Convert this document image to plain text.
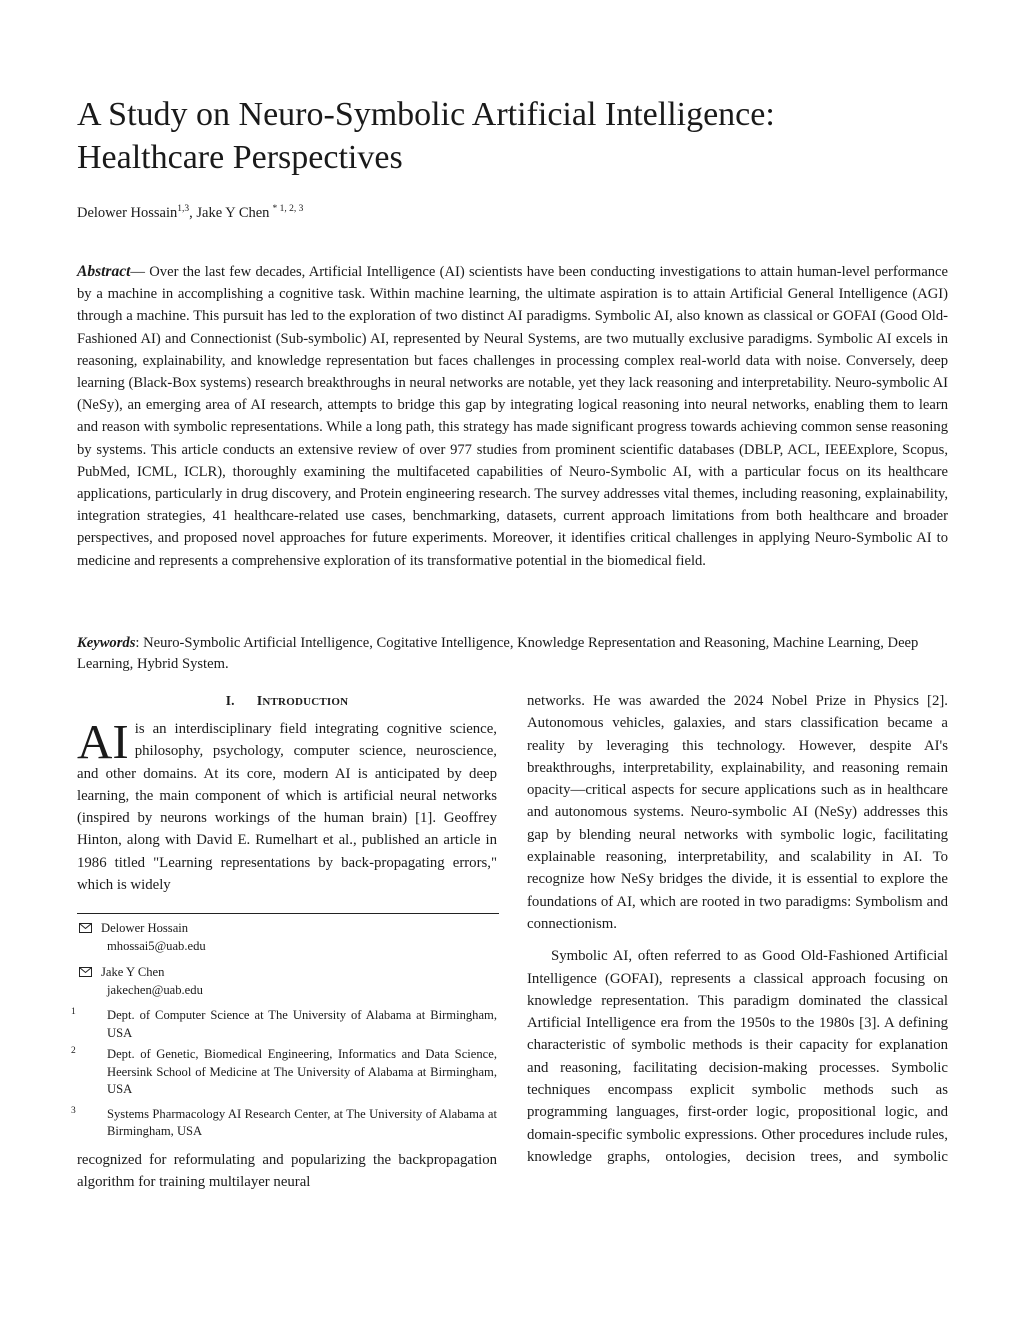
A Study on Neuro-Symbolic Artificial Intelligence:
Healthcare Perspectives
Delower Hossain$^{1,3}$, Jake Y Chen $^{* 1, 2, 3}$

Abstract— Over the last few decades, Artificial Intelligence (AI) scientists have been conducting investigations to attain human-level performance by a machine in accomplishing a cognitive task. Within machine learning, the ultimate aspiration is to attain Artificial General Intelligence (AGI) through a machine. This pursuit has led to the exploration of two distinct AI paradigms. Symbolic AI, also known as classical or GOFAI (Good Old-Fashioned AI) and Connectionist (Sub-symbolic) AI, represented by Neural Systems, are two mutually exclusive paradigms. Symbolic AI excels in reasoning, explainability, and knowledge representation but faces challenges in processing complex real-world data with noise. Conversely, deep learning (Black-Box systems) research breakthroughs in neural networks are notable, yet they lack reasoning and interpretability. Neuro-symbolic AI (NeSy), an emerging area of AI research, attempts to bridge this gap by integrating logical reasoning into neural networks, enabling them to learn and reason with symbolic representations. While a long path, this strategy has made significant progress towards achieving common sense reasoning by systems. This article conducts an extensive review of over 977 studies from prominent scientific databases (DBLP, ACL, IEEExplore, Scopus, PubMed, ICML, ICLR), thoroughly examining the multifaceted capabilities of Neuro-Symbolic AI, with a particular focus on its healthcare applications, particularly in drug discovery, and Protein engineering research. The survey addresses vital themes, including reasoning, explainability, integration strategies, 41 healthcare-related use cases, benchmarking, datasets, current approach limitations from both healthcare and broader perspectives, and proposed novel approaches for future experiments. Moreover, it identifies critical challenges in applying Neuro-Symbolic AI to medicine and represents a comprehensive exploration of its transformative potential in the biomedical field.

Keywords: Neuro-Symbolic Artificial Intelligence, Cogitative Intelligence, Knowledge Representation and Reasoning, Machine Learning, Deep Learning, Hybrid System.

I. INTRODUCTION

AI is an interdisciplinary field integrating cognitive science, philosophy, psychology, computer science, neuroscience, and other domains. At its core, modern AI is anticipated by deep learning, the main component of which is artificial neural networks (inspired by neurons workings of the human brain) [1]. Geoffrey Hinton, along with David E. Rumelhart et al., published an article in 1986 titled "Learning representations by back-propagating errors," which is widely

Delower Hossain
mhossai5@uab.edu
Jake Y Chen
jakechen@uab.edu
1 Dept. of Computer Science at The University of Alabama at Birmingham, USA
2 Dept. of Genetic, Biomedical Engineering, Informatics and Data Science, Heersink School of Medicine at The University of Alabama at Birmingham, USA
3 Systems Pharmacology AI Research Center, at The University of Alabama at Birmingham, USA

recognized for reformulating and popularizing the backpropagation algorithm for training multilayer neural

networks. He was awarded the 2024 Nobel Prize in Physics [2]. Autonomous vehicles, galaxies, and stars classification became a reality by leveraging this technology. However, despite AI's breakthroughs, interpretability, explainability, and reasoning remain opacity—critical aspects for secure applications such as in healthcare and autonomous systems. Neuro-symbolic AI (NeSy) addresses this gap by blending neural networks with symbolic logic, facilitating explainable reasoning, interpretability, and scalability in AI. To recognize how NeSy bridges the divide, it is essential to explore the foundations of AI, which are rooted in two paradigms: Symbolism and connectionism.

Symbolic AI, often referred to as Good Old-Fashioned Artificial Intelligence (GOFAI), represents a classical approach focusing on knowledge representation. This paradigm dominated the classical Artificial Intelligence era from the 1950s to the 1980s [3]. A defining characteristic of symbolic methods is their capacity for explanation and reasoning, facilitating decision-making processes. Symbolic techniques encompass explicit symbolic methods such as programming languages, first-order logic, propositional logic, and domain-specific symbolic expressions. Other procedures include rules, knowledge graphs, ontologies, decision trees, and symbolic
